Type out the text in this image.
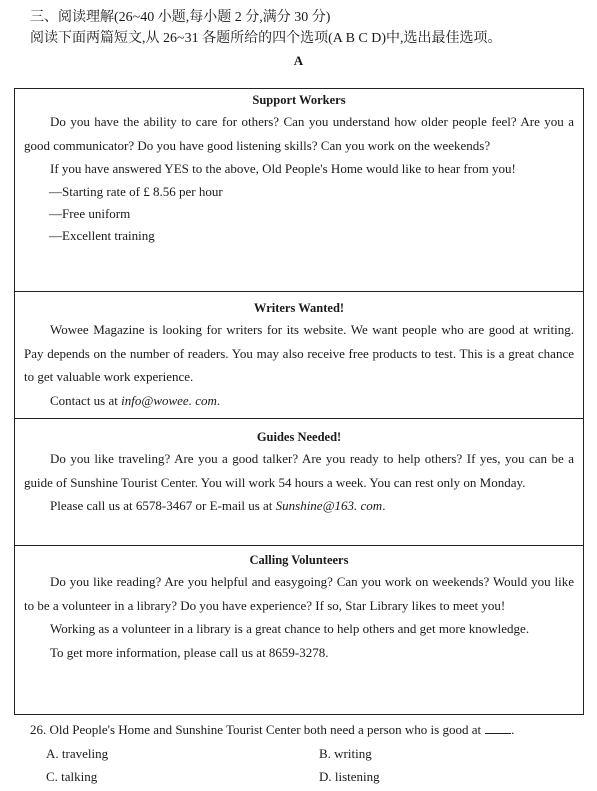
三、阅读理解(26~40 小题,每小题 2 分,满分 30 分)
阅读下面两篇短文,从 26~31 各题所给的四个选项(A B C D)中,选出最佳选项。
A
Support Workers

Do you have the ability to care for others? Can you understand how older people feel? Are you a good communicator? Do you have good listening skills? Can you work on the weekends?

If you have answered YES to the above, Old People's Home would like to hear from you!

—Starting rate of £ 8.56 per hour
—Free uniform
—Excellent training
Writers Wanted!

Wowee Magazine is looking for writers for its website. We want people who are good at writing. Pay depends on the number of readers. You may also receive free products to test. This is a great chance to get valuable work experience.

Contact us at info@wowee. com.

Guides Needed!

Do you like traveling? Are you a good talker? Are you ready to help others? If yes, you can be a guide of Sunshine Tourist Center. You will work 54 hours a week. You can rest only on Monday.

Please call us at 6578-3467 or E-mail us at Sunshine@163. com.

Calling Volunteers

Do you like reading? Are you helpful and easygoing? Can you work on weekends? Would you like to be a volunteer in a library? Do you have experience? If so, Star Library likes to meet you!

Working as a volunteer in a library is a great chance to help others and get more knowledge.

To get more information, please call us at 8659-3278.

26. Old People's Home and Sunshine Tourist Center both need a person who is good at .
A. traveling	B. writing
C. talking	D. listening
